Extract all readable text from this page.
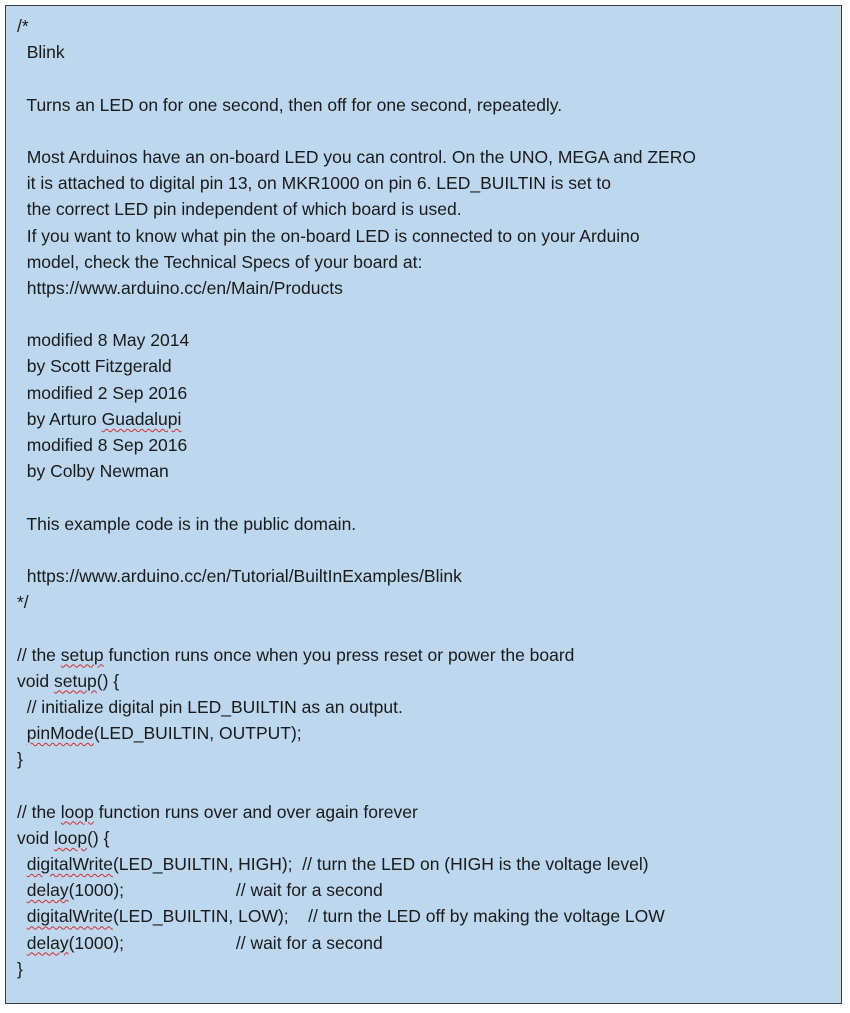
/*
Blink
Turns an LED on for one second, then off for one second, repeatedly.
Most Arduinos have an on-board LED you can control. On the UNO, MEGA and ZERO
it is attached to digital pin 13, on MKR1000 on pin 6. LED_BUILTIN is set to
the correct LED pin independent of which board is used.
If you want to know what pin the on-board LED is connected to on your Arduino
model, check the Technical Specs of your board at:
https://www.arduino.cc/en/Main/Products
modified 8 May 2014
by Scott Fitzgerald
modified 2 Sep 2016
by Arturo Guadalupi
modified 8 Sep 2016
by Colby Newman
This example code is in the public domain.
https://www.arduino.cc/en/Tutorial/BuiltInExamples/Blink
*/
// the setup function runs once when you press reset or power the board
void setup() {
// initialize digital pin LED_BUILTIN as an output.
pinMode(LED_BUILTIN, OUTPUT);
}
// the loop function runs over and over again forever
void loop() {
digitalWrite(LED_BUILTIN, HIGH);  // turn the LED on (HIGH is the voltage level)
delay(1000);                       // wait for a second
digitalWrite(LED_BUILTIN, LOW);    // turn the LED off by making the voltage LOW
delay(1000);                       // wait for a second
}
